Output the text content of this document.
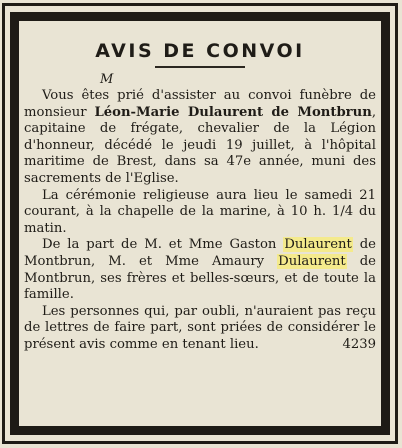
AVIS DE CONVOI
M

Vous êtes prié d'assister au convoi funèbre de monsieur Léon-Marie Dulaurent de Montbrun, capitaine de frégate, chevalier de la Légion d'honneur, décédé le jeudi 19 juillet, à l'hôpital maritime de Brest, dans sa 47e année, muni des sacrements de l'Eglise.

La cérémonie religieuse aura lieu le samedi 21 courant, à la chapelle de la marine, à 10 h. 1/4 du matin.

De la part de M. et Mme Gaston Dulaurent de Montbrun, M. et Mme Amaury Dulaurent de Montbrun, ses frères et belles-sœurs, et de toute la famille.

Les personnes qui, par oubli, n'auraient pas reçu de lettres de faire part, sont priées de considérer le présent avis comme en tenant lieu.	4239
